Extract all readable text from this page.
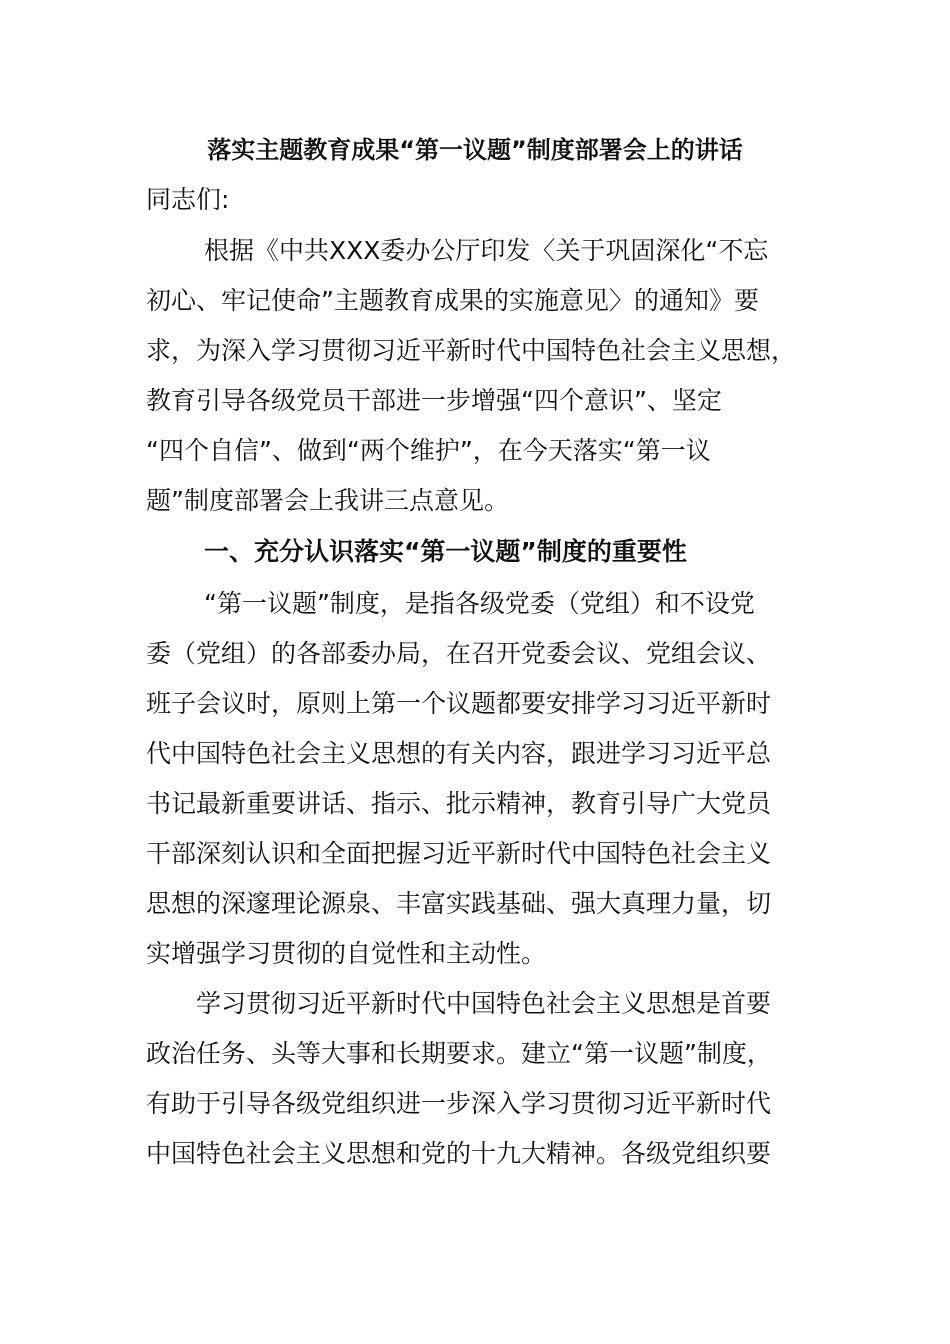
落实主题教育成果“第一议题”制度部署会上的讲话
同志们:
根据《中共XXX委办公厅印发〈关于巩固深化“不忘
初心、牢记使命”主题教育成果的实施意见〉的通知》要
求，为深入学习贯彻习近平新时代中国特色社会主义思想，
教育引导各级党员干部进一步增强“四个意识”、坚定
“四个自信”、做到“两个维护”，在今天落实“第一议
题”制度部署会上我讲三点意见。
一、充分认识落实“第一议题”制度的重要性
“第一议题”制度，是指各级党委（党组）和不设党
委（党组）的各部委办局，在召开党委会议、党组会议、
班子会议时，原则上第一个议题都要安排学习习近平新时
代中国特色社会主义思想的有关内容，跟进学习习近平总
书记最新重要讲话、指示、批示精神，教育引导广大党员
干部深刻认识和全面把握习近平新时代中国特色社会主义
思想的深邃理论源泉、丰富实践基础、强大真理力量，切
实增强学习贯彻的自觉性和主动性。
学习贯彻习近平新时代中国特色社会主义思想是首要
政治任务、头等大事和长期要求。建立“第一议题”制度，
有助于引导各级党组织进一步深入学习贯彻习近平新时代
中国特色社会主义思想和党的十九大精神。各级党组织要
